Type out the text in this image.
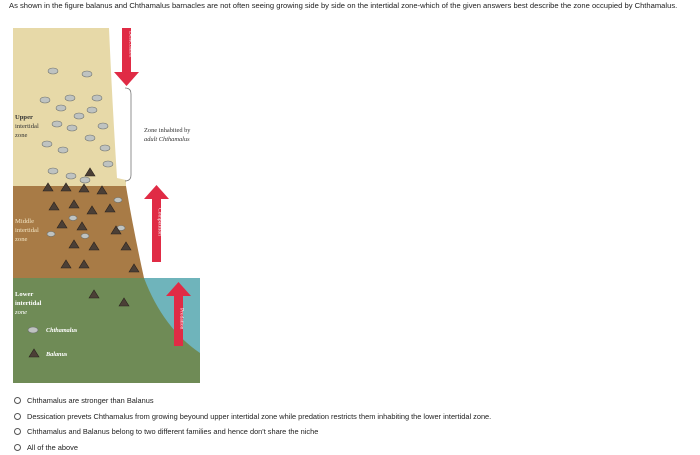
As shown in the figure balanus and Chthamalus barnacles are not often seeing growing side by side on the intertidal zone-which of the given answers best describe the zone occupied by Chthamalus.
Upper
intertidal
zone
Middle
intertidal
zone
Lower
intertidal
zone
Zone inhabited by
adult Chthamalus
Desiccation
Competition
Predation
Chthamalus
Balanus
Chthamalus are stronger than Balanus
Dessication prevets Chthamalus from growing beyound upper intertidal zone while predation restricts them inhabiting the lower intertidal zone.
Chthamalus and Balanus belong to two different families and hence don't share the niche
All of the above
